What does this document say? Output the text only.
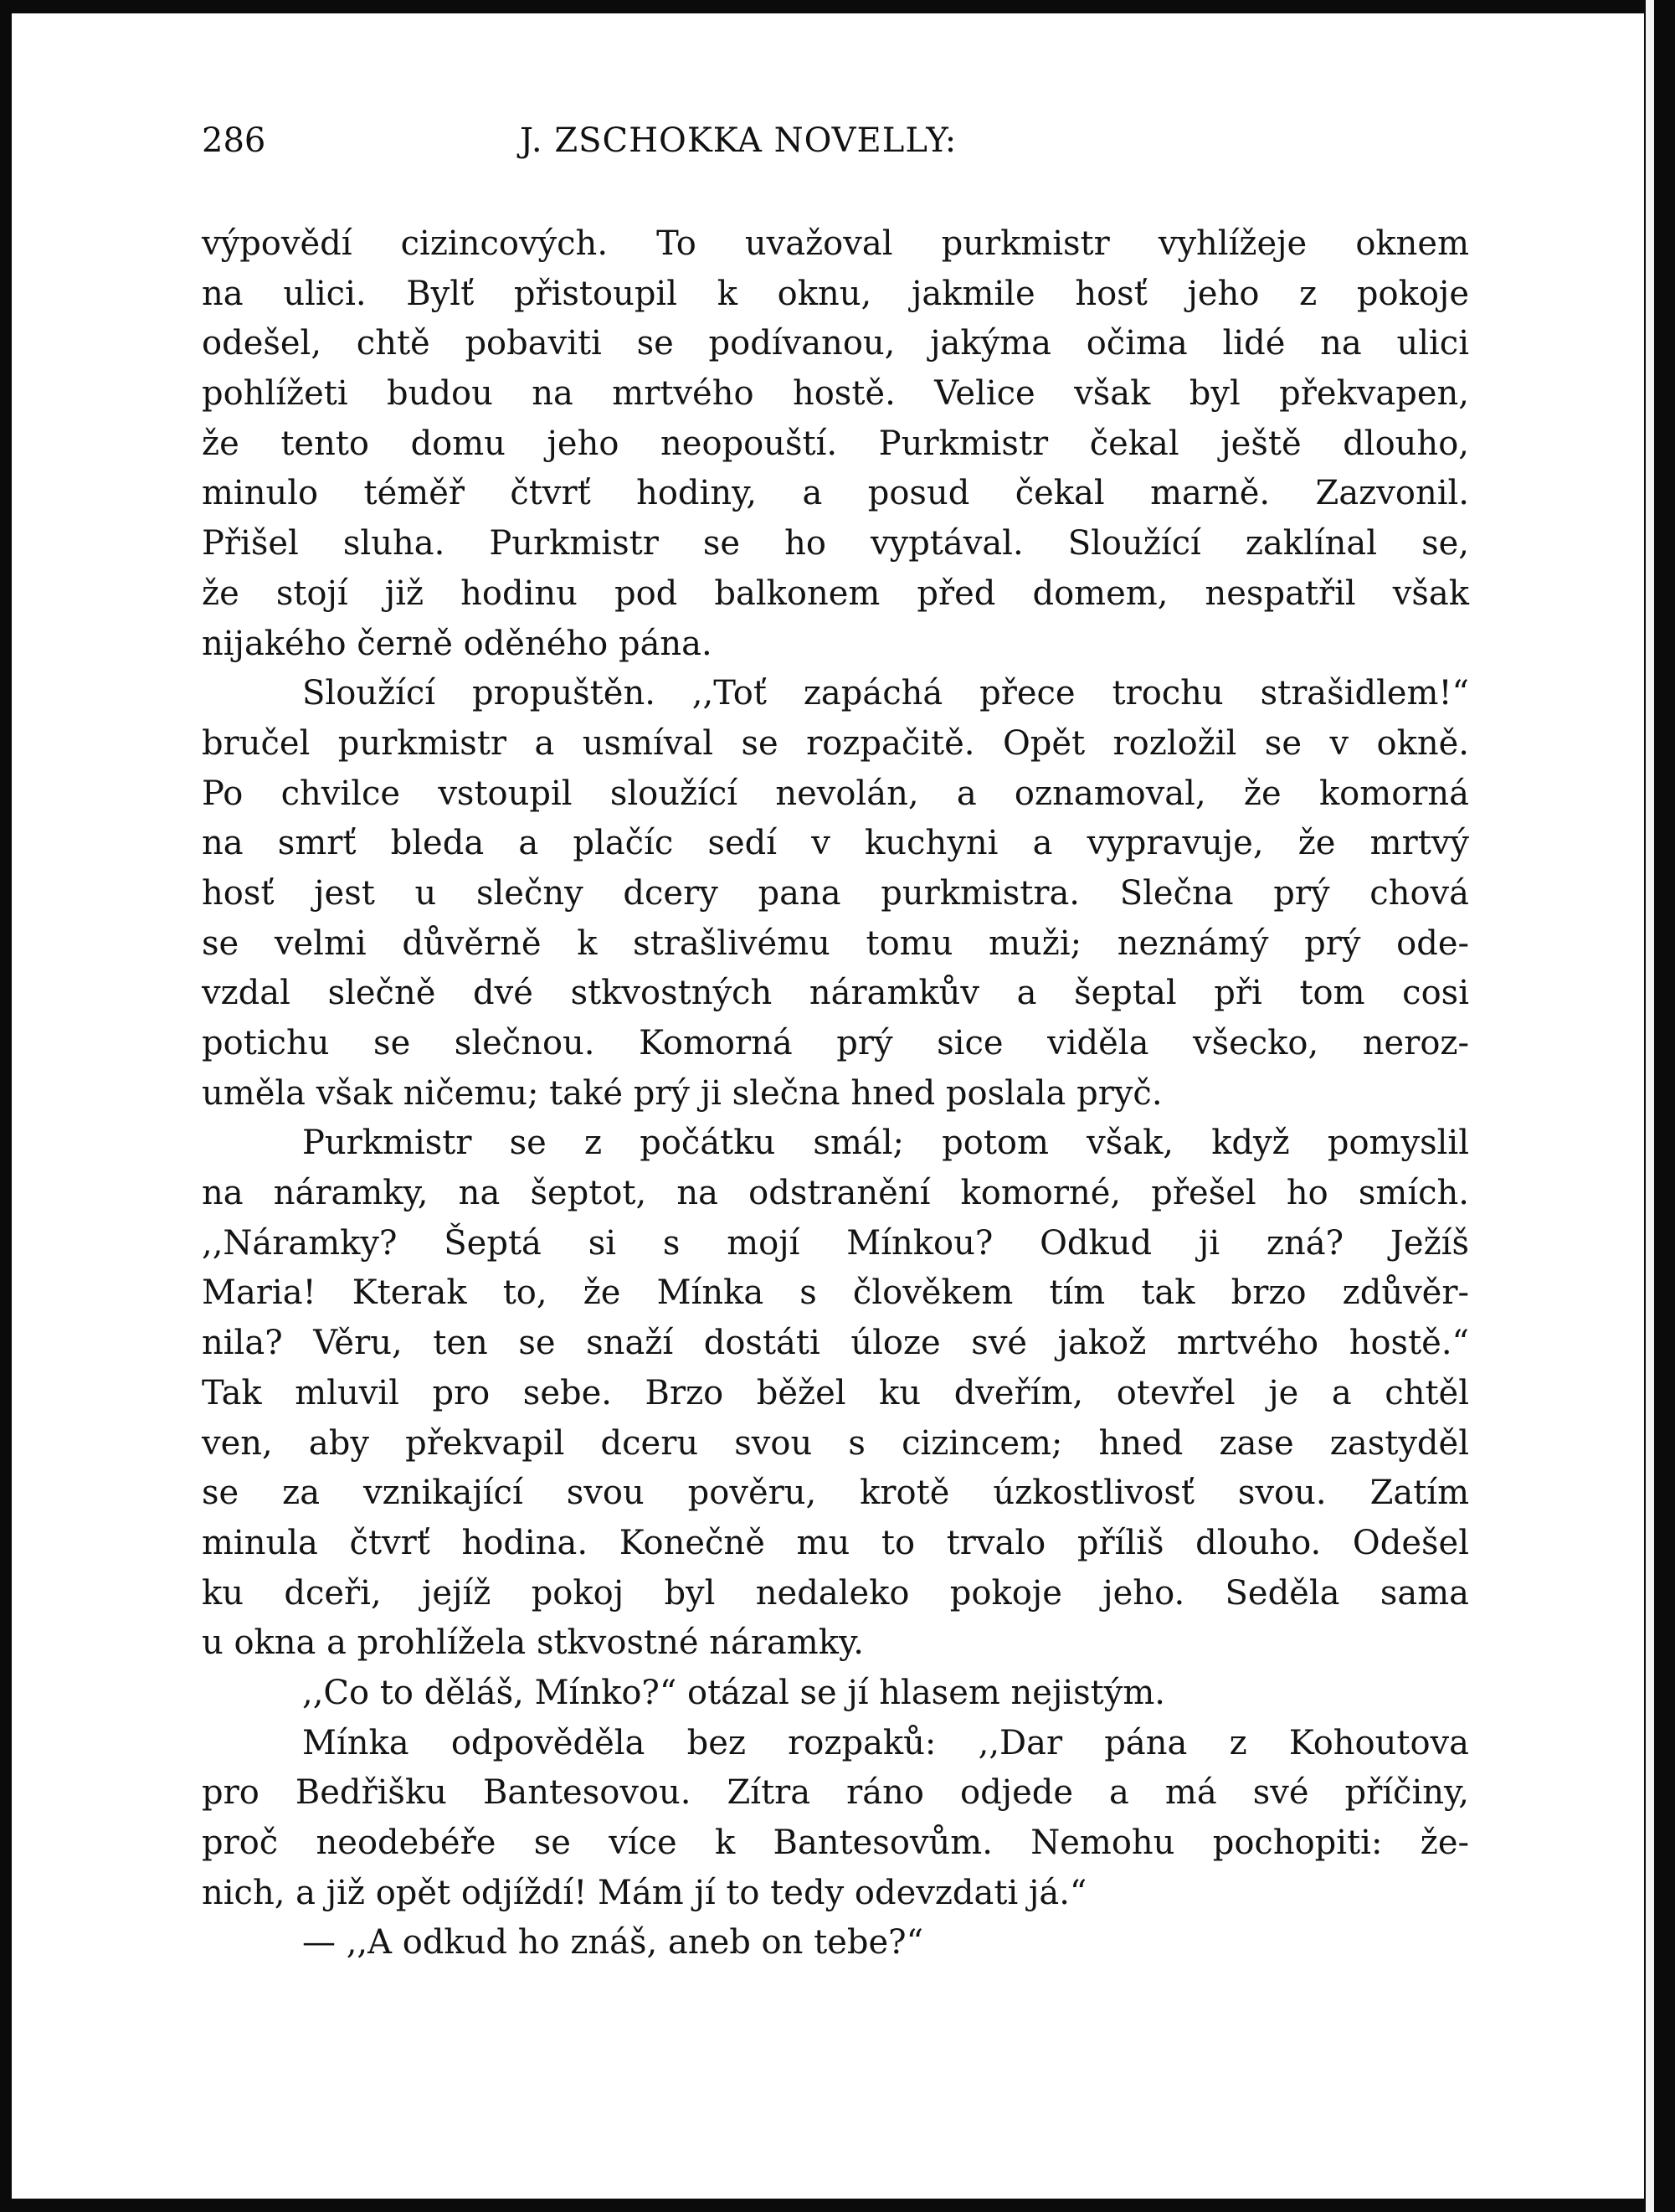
286	J. ZSCHOKKA NOVELLY:
výpovědí cizincových. To uvažoval purkmistr vyhlížeje oknem
na ulici. Bylť přistoupil k oknu, jakmile hosť jeho z pokoje
odešel, chtě pobaviti se podívanou, jakýma očima lidé na ulici
pohlížeti budou na mrtvého hostě. Velice však byl překvapen,
že tento domu jeho neopouští. Purkmistr čekal ještě dlouho,
minulo téměř čtvrť hodiny, a posud čekal marně. Zazvonil.
Přišel sluha. Purkmistr se ho vyptával. Sloužící zaklínal se,
že stojí již hodinu pod balkonem před domem, nespatřil však
nijakého černě oděného pána.
Sloužící propuštěn. ,,Toť zapáchá přece trochu strašidlem!“
bručel purkmistr a usmíval se rozpačitě. Opět rozložil se v okně.
Po chvilce vstoupil sloužící nevolán, a oznamoval, že komorná
na smrť bleda a plačíc sedí v kuchyni a vypravuje, že mrtvý
hosť jest u slečny dcery pana purkmistra. Slečna prý chová
se velmi důvěrně k strašlivému tomu muži; neznámý prý ode-
vzdal slečně dvé stkvostných náramkův a šeptal při tom cosi
potichu se slečnou. Komorná prý sice viděla všecko, neroz-
uměla však ničemu; také prý ji slečna hned poslala pryč.
Purkmistr se z počátku smál; potom však, když pomyslil
na náramky, na šeptot, na odstranění komorné, přešel ho smích.
,,Náramky? Šeptá si s mojí Mínkou? Odkud ji zná? Ježíš
Maria! Kterak to, že Mínka s člověkem tím tak brzo zdůvěr-
nila? Věru, ten se snaží dostáti úloze své jakož mrtvého hostě.“
Tak mluvil pro sebe. Brzo běžel ku dveřím, otevřel je a chtěl
ven, aby překvapil dceru svou s cizincem; hned zase zastyděl
se za vznikající svou pověru, krotě úzkostlivosť svou. Zatím
minula čtvrť hodina. Konečně mu to trvalo příliš dlouho. Odešel
ku dceři, jejíž pokoj byl nedaleko pokoje jeho. Seděla sama
u okna a prohlížela stkvostné náramky.
,,Co to děláš, Mínko?“ otázal se jí hlasem nejistým.
Mínka odpověděla bez rozpaků: ,,Dar pána z Kohoutova
pro Bedřišku Bantesovou. Zítra ráno odjede a má své příčiny,
proč neodebéře se více k Bantesovům. Nemohu pochopiti: že-
nich, a již opět odjíždí! Mám jí to tedy odevzdati já.“
— ,,A odkud ho znáš, aneb on tebe?“
